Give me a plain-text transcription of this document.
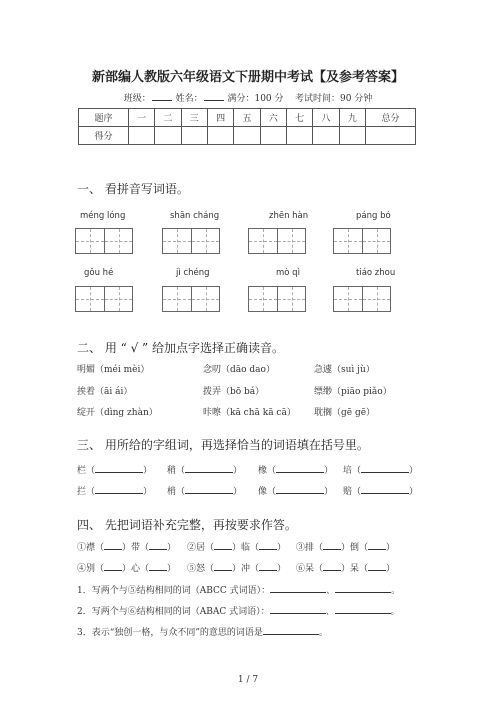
新部编人教版六年级语文下册期中考试【及参考答案】
班级：	姓名：	满分：100 分 考试时间：90 分钟
题序	一	二	三	四	五	六	七	八	九	总分
得分										
一、 看拼音写词语。
méng lóng	shān cháng	zhēn hàn	páng bó
gǒu hé	jì chéng	mò qì	tiáo zhou
二、 用 “ √ ” 给加点字选择正确读音。
明媚（méi mèi）	念叨（dāo dao）	急遽（suì jù）
挨着（āi ái）	拨弄（bō bá）	缥缈（piāo piǎo）
绽开（dìng zhàn）	咔嚓（kā chā kā cā） 耽搁（gē gē）
三、 用所给的字组词，再选择恰当的词语填在括号里。
栏（	） 稍（	） 橡（	） 培（	）
拦（	） 梢（	） 像（	） 赔（	）
四、 先把词语补充完整，再按要求作答。
①襟（ ）带（ ） ②居（ ）临（ ） ③排（ ）倒（ ）
④别（ ）心（ ） ⑤怒（ ）冲（ ） ⑥呆（ ）呆（ ）
1．写两个与⑤结构相同的词（ABCC 式词语）：	、	。
2．写两个与⑥结构相同的词（ABAC 式词语）：	、	。
3．表示“独创一格，与众不同”的意思的词语是	。
1 / 7
